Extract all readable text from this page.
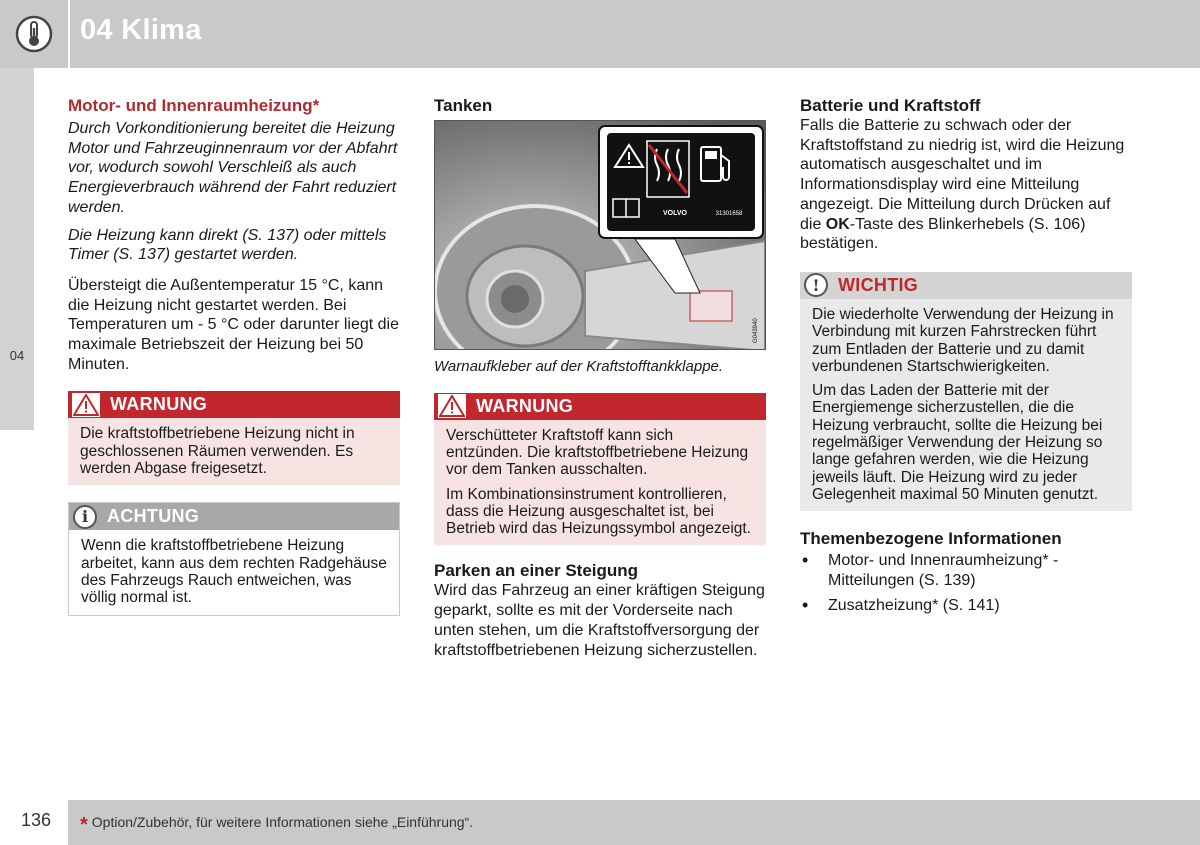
04 Klima
04
Motor- und Innenraumheizung*

Durch Vorkonditionierung bereitet die Heizung Motor und Fahrzeuginnenraum vor der Abfahrt vor, wodurch sowohl Verschleiß als auch Energieverbrauch während der Fahrt reduziert werden.

Die Heizung kann direkt (S. 137) oder mittels Timer (S. 137) gestartet werden.

Übersteigt die Außentemperatur 15 °C, kann die Heizung nicht gestartet werden. Bei Temperaturen um - 5 °C oder darunter liegt die maximale Betriebszeit der Heizung bei 50 Minuten.

WARNUNG

Die kraftstoffbetriebene Heizung nicht in geschlossenen Räumen verwenden. Es werden Abgase freigesetzt.

i	ACHTUNG

Wenn die kraftstoffbetriebene Heizung arbeitet, kann aus dem rechten Radgehäuse des Fahrzeugs Rauch entweichen, was völlig normal ist.

Tanken
VOLVO	31301658
G043940

Warnaufkleber auf der Kraftstofftankklappe.

WARNUNG

Verschütteter Kraftstoff kann sich entzünden. Die kraftstoffbetriebene Heizung vor dem Tanken ausschalten.

Im Kombinationsinstrument kontrollieren, dass die Heizung ausgeschaltet ist, bei Betrieb wird das Heizungssymbol angezeigt.

Parken an einer Steigung

Wird das Fahrzeug an einer kräftigen Steigung geparkt, sollte es mit der Vorderseite nach unten stehen, um die Kraftstoffversorgung der kraftstoffbetriebenen Heizung sicherzustellen.

Batterie und Kraftstoff

Falls die Batterie zu schwach oder der Kraftstoffstand zu niedrig ist, wird die Heizung automatisch ausgeschaltet und im Informationsdisplay wird eine Mitteilung angezeigt. Die Mitteilung durch Drücken auf die OK-Taste des Blinkerhebels (S. 106) bestätigen.

!	WICHTIG

Die wiederholte Verwendung der Heizung in Verbindung mit kurzen Fahrstrecken führt zum Entladen der Batterie und zu damit verbundenen Startschwierigkeiten.

Um das Laden der Batterie mit der Energiemenge sicherzustellen, die die Heizung verbraucht, sollte die Heizung bei regelmäßiger Verwendung der Heizung so lange gefahren werden, wie die Heizung jeweils läuft. Die Heizung wird zu jeder Gelegenheit maximal 50 Minuten genutzt.

Themenbezogene Informationen
• Motor- und Innenraumheizung* - Mitteilungen (S. 139)
• Zusatzheizung* (S. 141)
136	* Option/Zubehör, für weitere Informationen siehe „Einführung“.
